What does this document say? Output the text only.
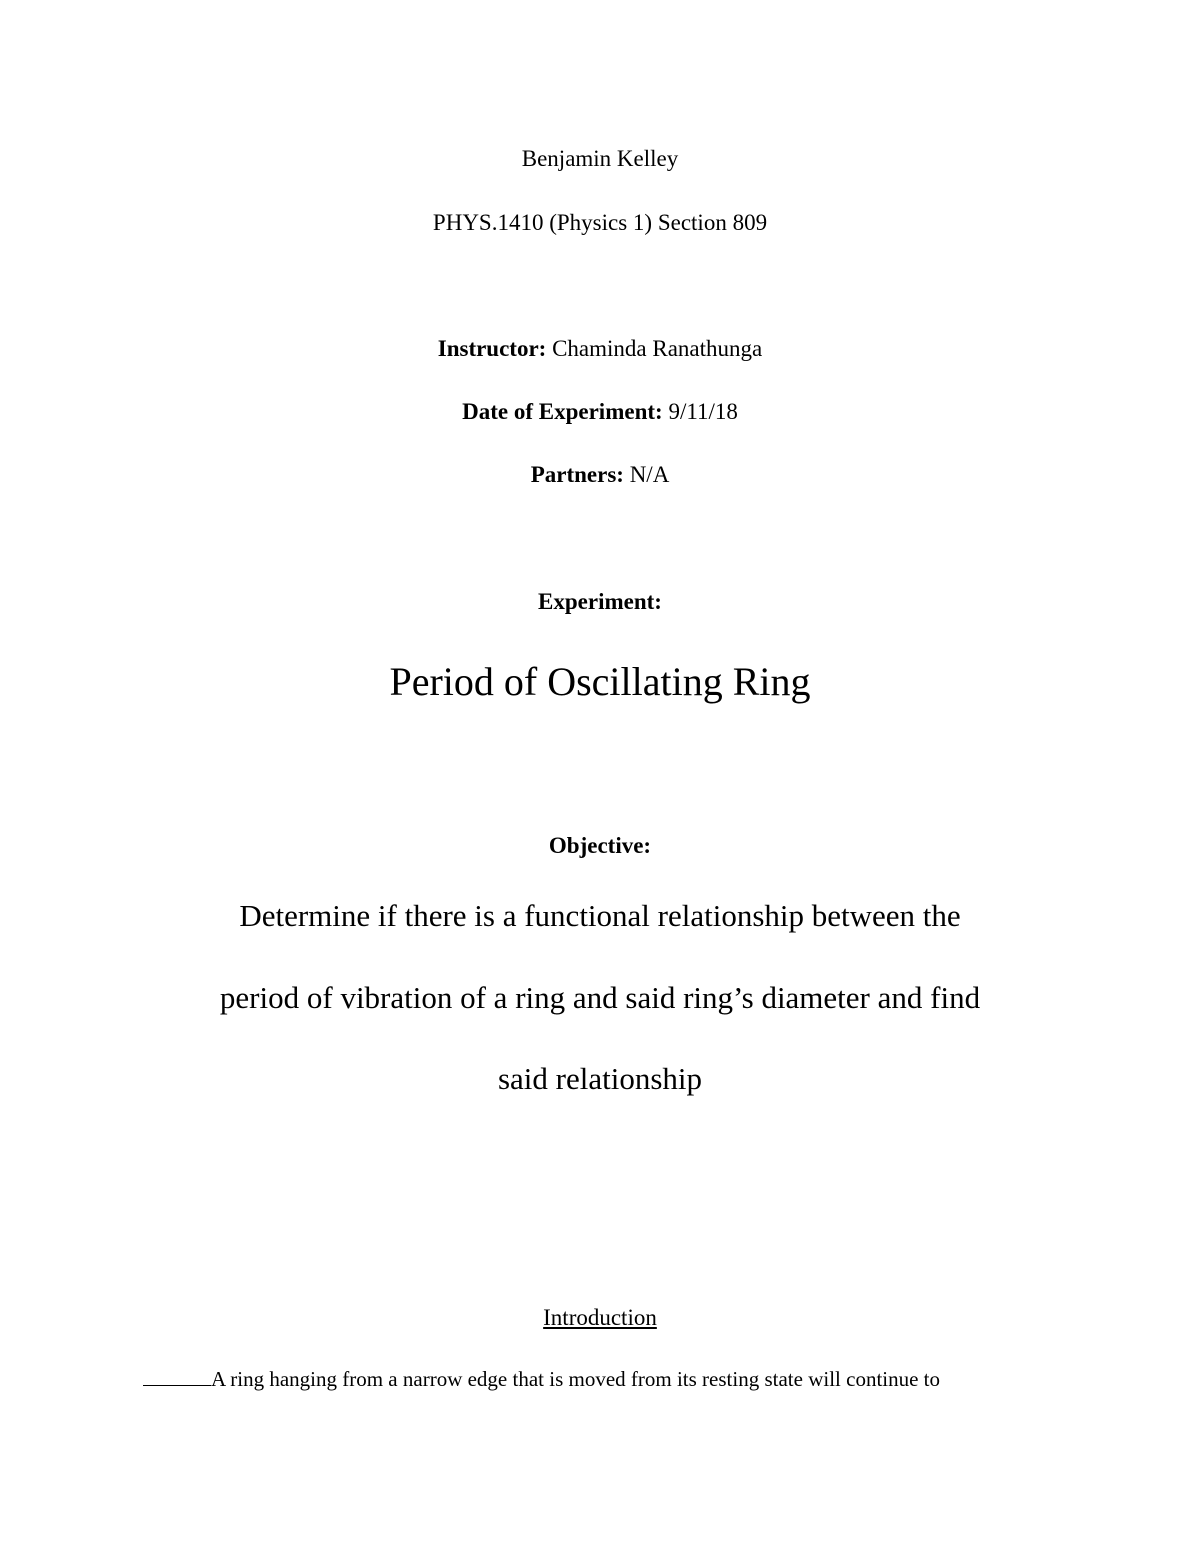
Benjamin Kelley
PHYS.1410 (Physics 1) Section 809
Instructor: Chaminda Ranathunga
Date of Experiment: 9/11/18
Partners: N/A
Experiment:
Period of Oscillating Ring
Objective:
Determine if there is a functional relationship between the
period of vibration of a ring and said ring’s diameter and find
said relationship
Introduction
A ring hanging from a narrow edge that is moved from its resting state will continue to
